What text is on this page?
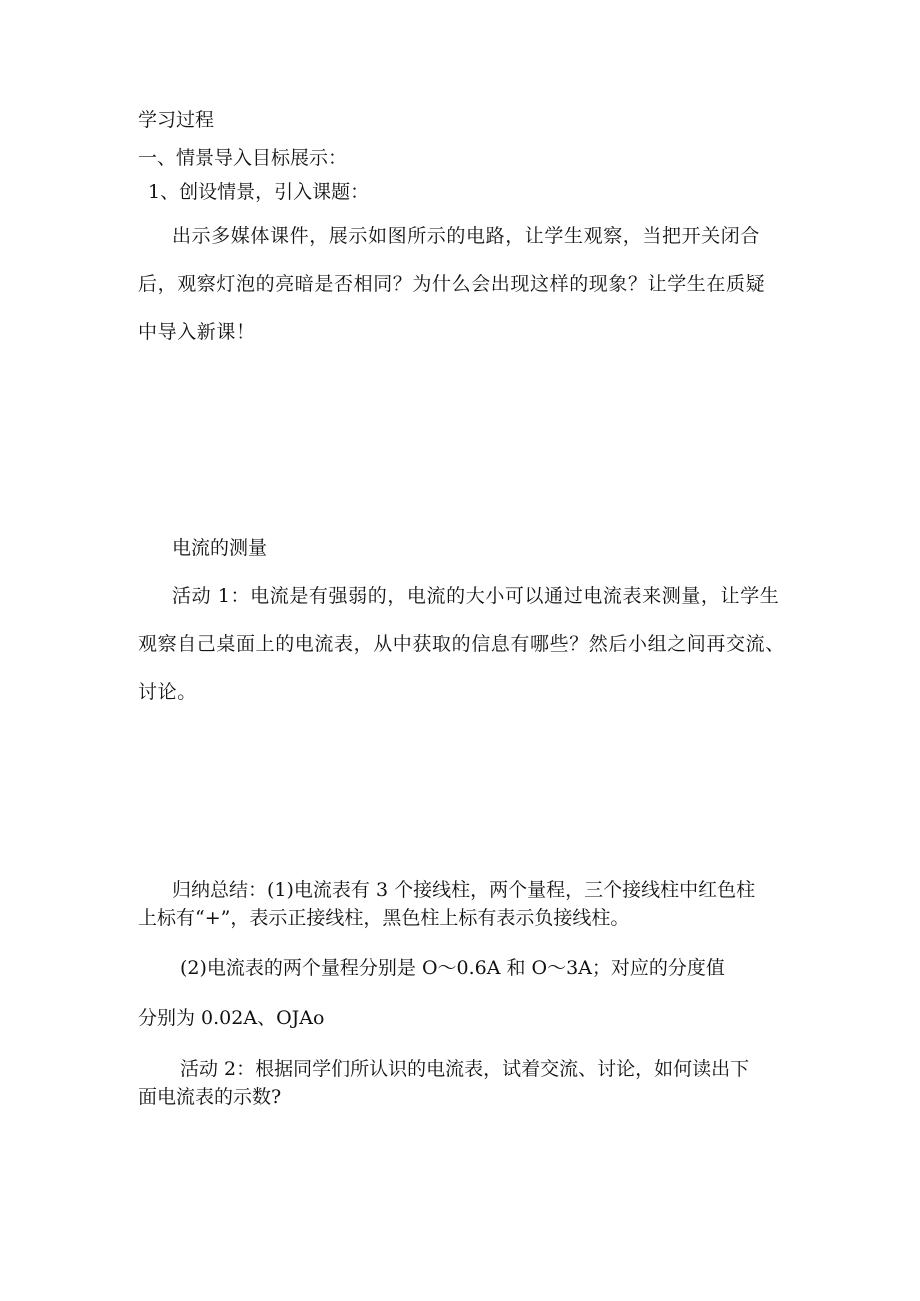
学习过程
一、情景导入目标展示：
1、创设情景，引入课题：
出示多媒体课件，展示如图所示的电路，让学生观察，当把开关闭合
后，观察灯泡的亮暗是否相同？为什么会出现这样的现象？让学生在质疑
中导入新课！
电流的测量
活动 1：电流是有强弱的，电流的大小可以通过电流表来测量，让学生
观察自己桌面上的电流表，从中获取的信息有哪些？然后小组之间再交流、
讨论。
归纳总结：(1)电流表有 3 个接线柱，两个量程，三个接线柱中红色柱
上标有“+”，表示正接线柱，黑色柱上标有表示负接线柱。
(2)电流表的两个量程分别是 O～0.6A 和 O～3A；对应的分度值
分别为 0.02A、OJAo
活动 2：根据同学们所认识的电流表，试着交流、讨论，如何读出下
面电流表的示数?
